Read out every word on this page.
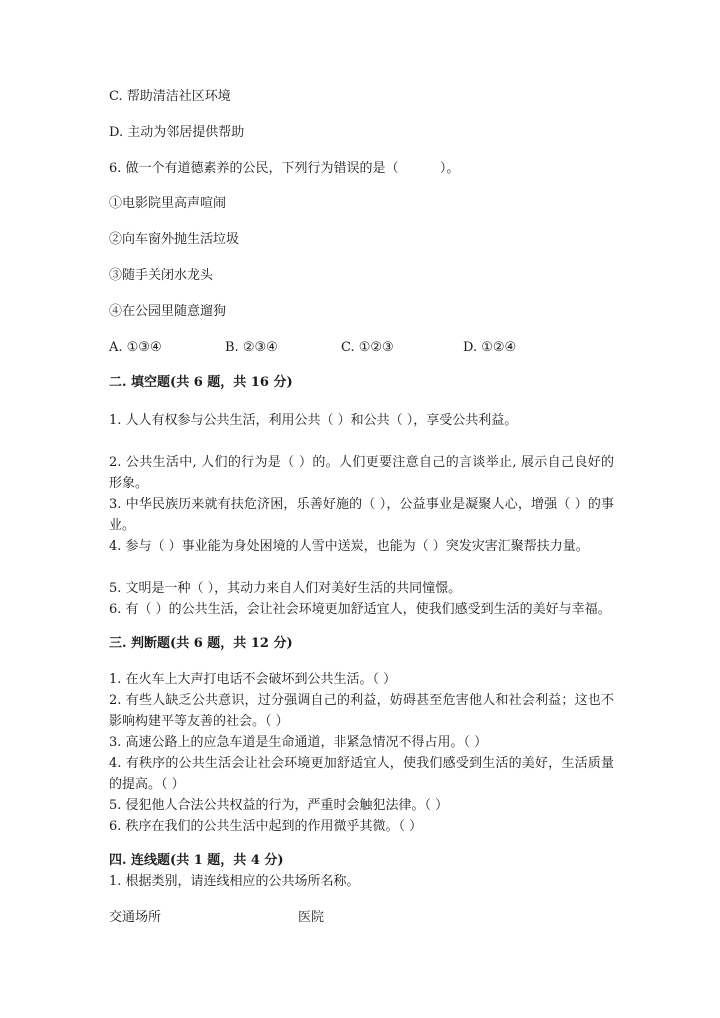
C. 帮助清洁社区环境
D. 主动为邻居提供帮助
6. 做一个有道德素养的公民，下列行为错误的是（          ）。
①电影院里高声喧闹
②向车窗外抛生活垃圾
③随手关闭水龙头
④在公园里随意遛狗
A. ①③④	B. ②③④	C. ①②③	D. ①②④
二. 填空题(共 6 题，共 16 分)
1. 人人有权参与公共生活，利用公共（ ）和公共（ ），享受公共利益。
2. 公共生活中, 人们的行为是（ ）的。人们更要注意自己的言谈举止, 展示自己良好的形象。
3. 中华民族历来就有扶危济困，乐善好施的（ ），公益事业是凝聚人心，增强（ ）的事业。
4. 参与（ ）事业能为身处困境的人雪中送炭，也能为（ ）突发灾害汇聚帮扶力量。
5. 文明是一种（ ），其动力来自人们对美好生活的共同憧憬。
6. 有（ ）的公共生活，会让社会环境更加舒适宜人，使我们感受到生活的美好与幸福。
三. 判断题(共 6 题，共 12 分)
1. 在火车上大声打电话不会破坏到公共生活。（ ）
2. 有些人缺乏公共意识，过分强调自己的利益，妨碍甚至危害他人和社会利益；这也不影响构建平等友善的社会。（ ）
3. 高速公路上的应急车道是生命通道，非紧急情况不得占用。（ ）
4. 有秩序的公共生活会让社会环境更加舒适宜人，使我们感受到生活的美好，生活质量的提高。（ ）
5. 侵犯他人合法公共权益的行为，严重时会触犯法律。（ ）
6. 秩序在我们的公共生活中起到的作用微乎其微。（ ）
四. 连线题(共 1 题，共 4 分)
1. 根据类别，请连线相应的公共场所名称。
交通场所	医院
